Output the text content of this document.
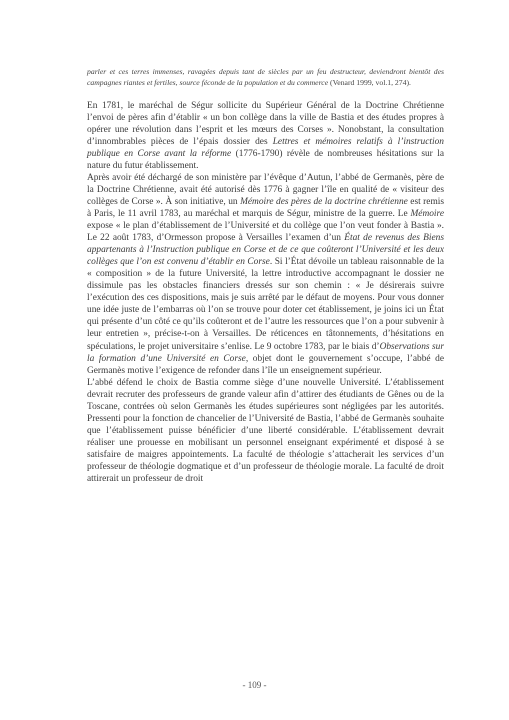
parler et ces terres immenses, ravagées depuis tant de siècles par un feu destructeur, deviendront bientôt des campagnes riantes et fertiles, source féconde de la population et du commerce (Venard 1999, vol.1, 274).

En 1781, le maréchal de Ségur sollicite du Supérieur Général de la Doctrine Chrétienne l’envoi de pères afin d’établir « un bon collège dans la ville de Bastia et des études propres à opérer une révolution dans l’esprit et les mœurs des Corses ». Nonobstant, la consultation d’innombrables pièces de l’épais dossier des Lettres et mémoires relatifs à l’instruction publique en Corse avant la réforme (1776-1790) révèle de nombreuses hésitations sur la nature du futur établissement.

Après avoir été déchargé de son ministère par l’évêque d’Autun, l’abbé de Germanès, père de la Doctrine Chrétienne, avait été autorisé dès 1776 à gagner l’île en qualité de « visiteur des collèges de Corse ». À son initiative, un Mémoire des pères de la doctrine chrétienne est remis à Paris, le 11 avril 1783, au maréchal et marquis de Ségur, ministre de la guerre. Le Mémoire expose « le plan d’établissement de l’Université et du collège que l’on veut fonder à Bastia ». Le 22 août 1783, d’Ormesson propose à Versailles l’examen d’un État de revenus des Biens appartenants à l’Instruction publique en Corse et de ce que coûteront l’Université et les deux collèges que l’on est convenu d’établir en Corse. Si l’État dévoile un tableau raisonnable de la « composition » de la future Université, la lettre introductive accompagnant le dossier ne dissimule pas les obstacles financiers dressés sur son chemin : « Je désirerais suivre l’exécution des ces dispositions, mais je suis arrêté par le défaut de moyens. Pour vous donner une idée juste de l’embarras où l’on se trouve pour doter cet établissement, je joins ici un État qui présente d’un côté ce qu’ils coûteront et de l’autre les ressources que l’on a pour subvenir à leur entretien », précise-t-on à Versailles. De réticences en tâtonnements, d’hésitations en spéculations, le projet universitaire s’enlise. Le 9 octobre 1783, par le biais d’Observations sur la formation d’une Université en Corse, objet dont le gouvernement s’occupe, l’abbé de Germanès motive l’exigence de refonder dans l’île un enseignement supérieur.

L’abbé défend le choix de Bastia comme siège d’une nouvelle Université. L’établissement devrait recruter des professeurs de grande valeur afin d’attirer des étudiants de Gênes ou de la Toscane, contrées où selon Germanès les études supérieures sont négligées par les autorités. Pressenti pour la fonction de chancelier de l’Université de Bastia, l’abbé de Germanès souhaite que l’établissement puisse bénéficier d’une liberté considérable. L’établissement devrait réaliser une prouesse en mobilisant un personnel enseignant expérimenté et disposé à se satisfaire de maigres appointements. La faculté de théologie s’attacherait les services d’un professeur de théologie dogmatique et d’un professeur de théologie morale. La faculté de droit attirerait un professeur de droit

- 109 -
